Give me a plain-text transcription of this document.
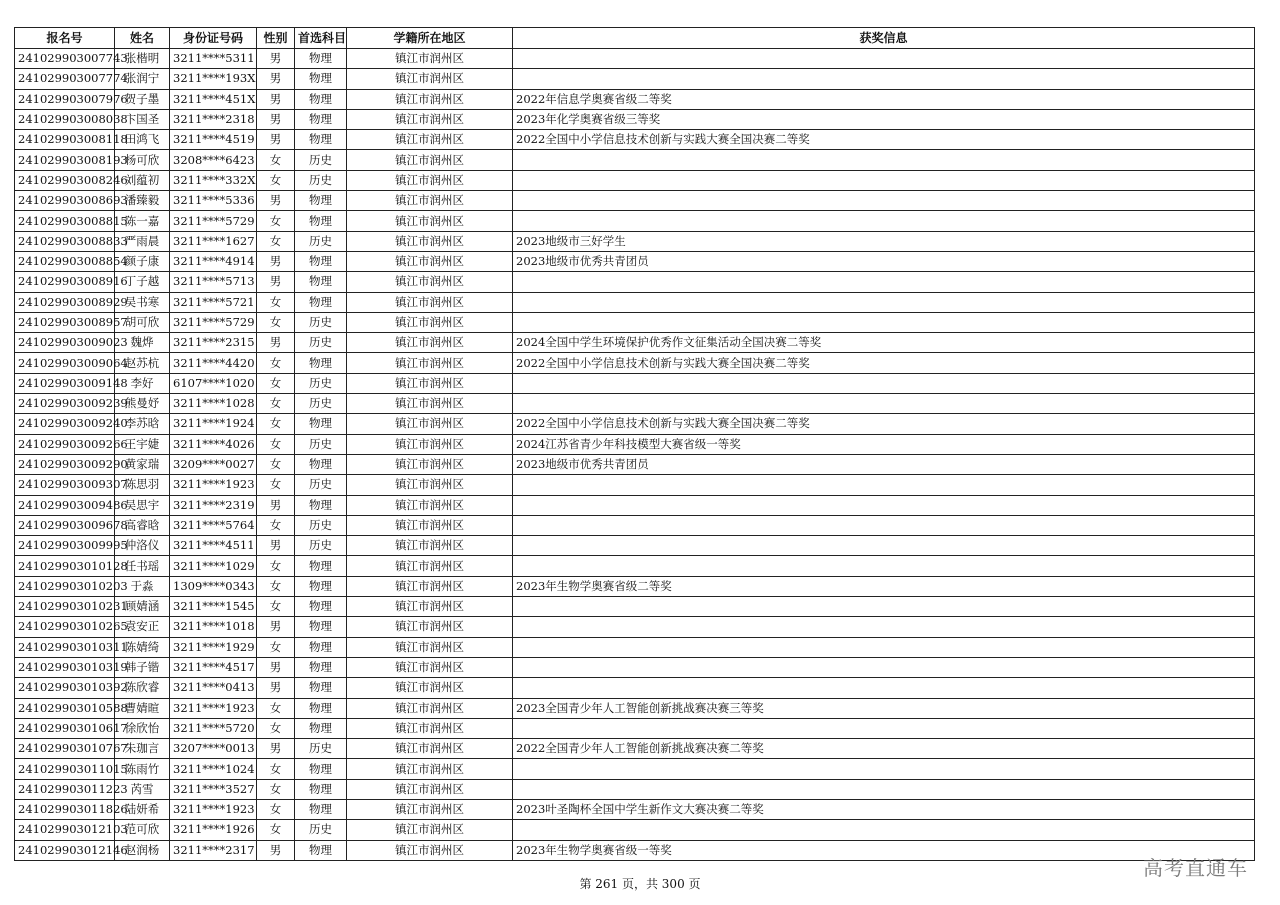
报名号	姓名	身份证号码	性别	首选科目	学籍所在地区	获奖信息
241029903007743	张楷明	3211****5311	男	物理	镇江市润州区	
241029903007774	张润宁	3211****193X	男	物理	镇江市润州区	
241029903007976	贺子墨	3211****451X	男	物理	镇江市润州区	2022年信息学奥赛省级二等奖
241029903008038	卞国圣	3211****2318	男	物理	镇江市润州区	2023年化学奥赛省级三等奖
241029903008118	田鸿飞	3211****4519	男	物理	镇江市润州区	2022全国中小学信息技术创新与实践大赛全国决赛二等奖
241029903008193	杨可欣	3208****6423	女	历史	镇江市润州区	
241029903008246	刘蕴初	3211****332X	女	历史	镇江市润州区	
241029903008693	潘臻毅	3211****5336	男	物理	镇江市润州区	
241029903008815	陈一嘉	3211****5729	女	物理	镇江市润州区	
241029903008833	严雨晨	3211****1627	女	历史	镇江市润州区	2023地级市三好学生
241029903008854	颜子康	3211****4914	男	物理	镇江市润州区	2023地级市优秀共青团员
241029903008916	丁子越	3211****5713	男	物理	镇江市润州区	
241029903008929	吴书寒	3211****5721	女	物理	镇江市润州区	
241029903008957	胡可欣	3211****5729	女	历史	镇江市润州区	
241029903009023	魏烨	3211****2315	男	历史	镇江市润州区	2024全国中学生环境保护优秀作文征集活动全国决赛二等奖
241029903009064	赵苏杭	3211****4420	女	物理	镇江市润州区	2022全国中小学信息技术创新与实践大赛全国决赛二等奖
241029903009148	李好	6107****1020	女	历史	镇江市润州区	
241029903009239	熊曼妤	3211****1028	女	历史	镇江市润州区	
241029903009240	李苏晗	3211****1924	女	物理	镇江市润州区	2022全国中小学信息技术创新与实践大赛全国决赛二等奖
241029903009266	王宇婕	3211****4026	女	历史	镇江市润州区	2024江苏省青少年科技模型大赛省级一等奖
241029903009290	黄家瑞	3209****0027	女	物理	镇江市润州区	2023地级市优秀共青团员
241029903009307	陈思羽	3211****1923	女	历史	镇江市润州区	
241029903009486	吴思宇	3211****2319	男	物理	镇江市润州区	
241029903009678	高睿晗	3211****5764	女	历史	镇江市润州区	
241029903009995	仲洛仪	3211****4511	男	历史	镇江市润州区	
241029903010128	任书瑶	3211****1029	女	物理	镇江市润州区	
241029903010203	于淼	1309****0343	女	物理	镇江市润州区	2023年生物学奥赛省级二等奖
241029903010231	顾婧涵	3211****1545	女	物理	镇江市润州区	
241029903010265	袁安正	3211****1018	男	物理	镇江市润州区	
241029903010311	陈婧绮	3211****1929	女	物理	镇江市润州区	
241029903010319	韩子锴	3211****4517	男	物理	镇江市润州区	
241029903010392	陈欣睿	3211****0413	男	物理	镇江市润州区	
241029903010588	曹婧暄	3211****1923	女	物理	镇江市润州区	2023全国青少年人工智能创新挑战赛决赛三等奖
241029903010617	徐欣怡	3211****5720	女	物理	镇江市润州区	
241029903010767	朱珈言	3207****0013	男	历史	镇江市润州区	2022全国青少年人工智能创新挑战赛决赛二等奖
241029903011015	陈雨竹	3211****1024	女	物理	镇江市润州区	
241029903011223	芮雪	3211****3527	女	物理	镇江市润州区	
241029903011826	陆妍希	3211****1923	女	物理	镇江市润州区	2023叶圣陶杯全国中学生新作文大赛决赛二等奖
241029903012103	范可欣	3211****1926	女	历史	镇江市润州区	
241029903012146	赵润杨	3211****2317	男	物理	镇江市润州区	2023年生物学奥赛省级一等奖
第 261 页，共 300 页
高考直通车
